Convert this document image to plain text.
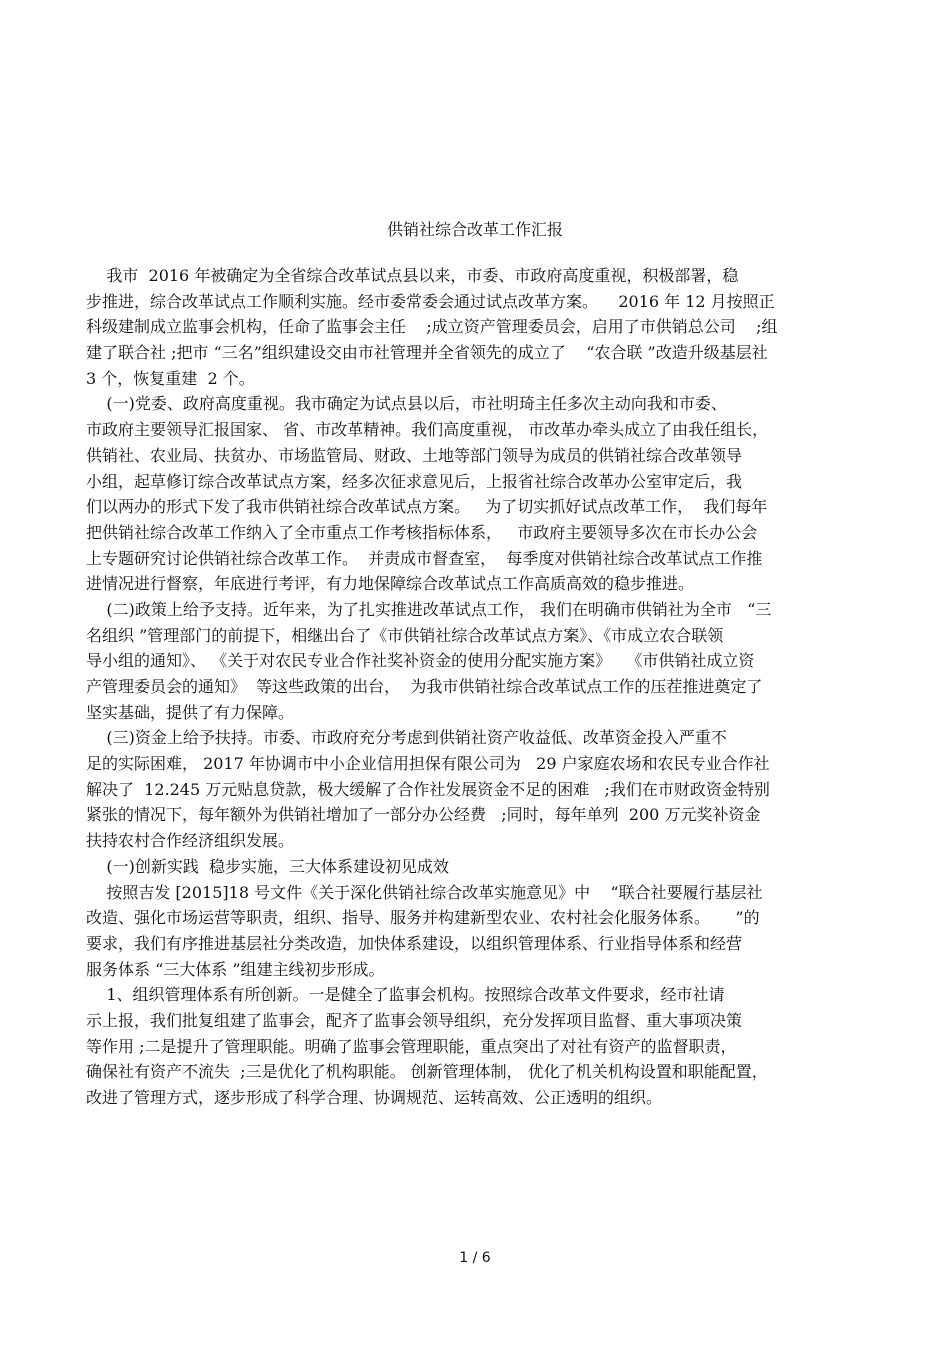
供销社综合改革工作汇报
我市  2016 年被确定为全省综合改革试点县以来，市委、市政府高度重视，积极部署，稳
步推进，综合改革试点工作顺利实施。经市委常委会通过试点改革方案。    2016 年 12 月按照正
科级建制成立监事会机构，任命了监事会主任    ;成立资产管理委员会，启用了市供销总公司    ;组
建了联合社 ;把市 “三名”组织建设交由市社管理并全省领先的成立了    “农合联 ”改造升级基层社
3 个，恢复重建  2 个。
(一)党委、政府高度重视。我市确定为试点县以后，市社明琦主任多次主动向我和市委、
市政府主要领导汇报国家、 省、市改革精神。我们高度重视， 市改革办牵头成立了由我任组长，
供销社、农业局、扶贫办、市场监管局、财政、土地等部门领导为成员的供销社综合改革领导
小组，起草修订综合改革试点方案，经多次征求意见后，上报省社综合改革办公室审定后，我
们以两办的形式下发了我市供销社综合改革试点方案。   为了切实抓好试点改革工作，  我们每年
把供销社综合改革工作纳入了全市重点工作考核指标体系，   市政府主要领导多次在市长办公会
上专题研究讨论供销社综合改革工作。  并责成市督查室，  每季度对供销社综合改革试点工作推
进情况进行督察，年底进行考评，有力地保障综合改革试点工作高质高效的稳步推进。
(二)政策上给予支持。近年来，为了扎实推进改革试点工作， 我们在明确市供销社为全市   “三
名组织 ”管理部门的前提下，相继出台了《市供销社综合改革试点方案》、《市成立农合联领
导小组的通知》、 《关于对农民专业合作社奖补资金的使用分配实施方案》   《市供销社成立资
产管理委员会的通知》  等这些政策的出台，  为我市供销社综合改革试点工作的压茬推进奠定了
坚实基础，提供了有力保障。
(三)资金上给予扶持。市委、市政府充分考虑到供销社资产收益低、改革资金投入严重不
足的实际困难， 2017 年协调市中小企业信用担保有限公司为   29 户家庭农场和农民专业合作社
解决了  12.245 万元贴息贷款，极大缓解了合作社发展资金不足的困难   ;我们在市财政资金特别
紧张的情况下，每年额外为供销社增加了一部分办公经费   ;同时，每年单列  200 万元奖补资金
扶持农村合作经济组织发展。
(一)创新实践  稳步实施，三大体系建设初见成效
按照吉发 [2015]18 号文件《关于深化供销社综合改革实施意见》中    “联合社要履行基层社
改造、强化市场运营等职责，组织、指导、服务并构建新型农业、农村社会化服务体系。     ”的
要求，我们有序推进基层社分类改造，加快体系建设，以组织管理体系、行业指导体系和经营
服务体系 “三大体系 ”组建主线初步形成。
1、组织管理体系有所创新。一是健全了监事会机构。按照综合改革文件要求，经市社请
示上报，我们批复组建了监事会，配齐了监事会领导组织，充分发挥项目监督、重大事项决策
等作用 ;二是提升了管理职能。明确了监事会管理职能，重点突出了对社有资产的监督职责，
确保社有资产不流失  ;三是优化了机构职能。 创新管理体制， 优化了机关机构设置和职能配置，
改进了管理方式，逐步形成了科学合理、协调规范、运转高效、公正透明的组织。
1 / 6
